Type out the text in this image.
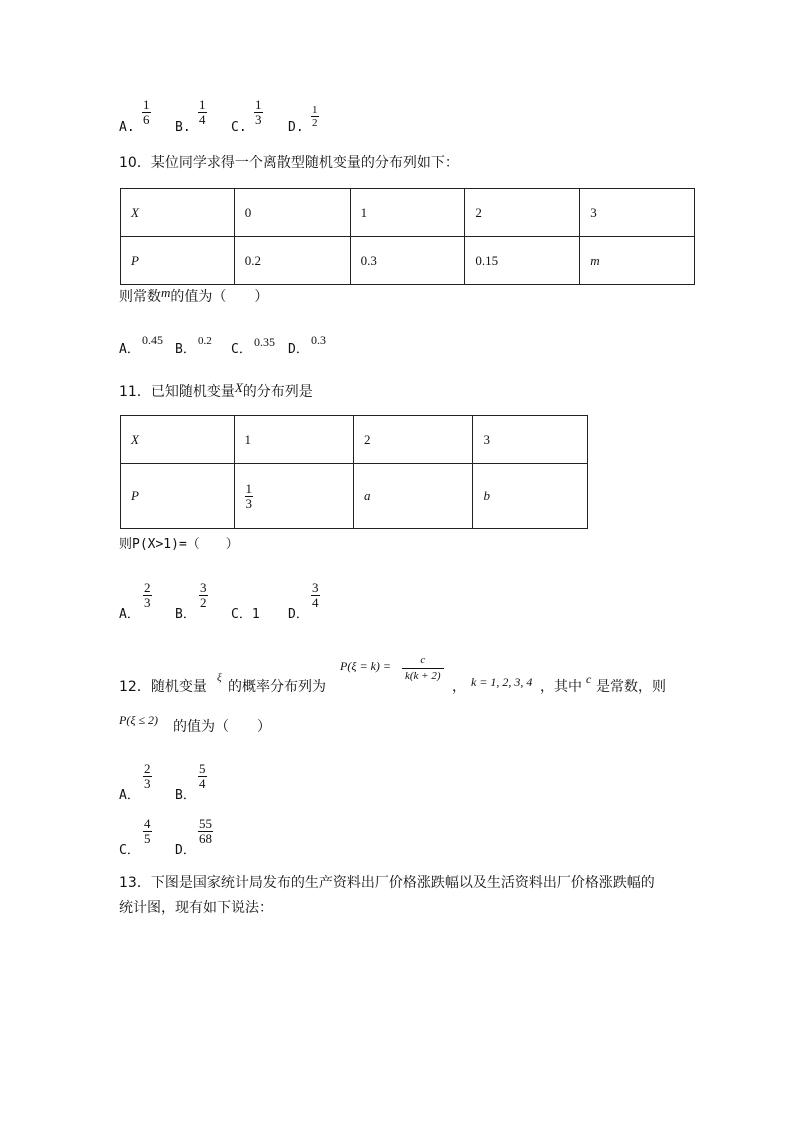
A.
$\frac{1}{6}$
B.
$\frac{1}{4}$
C.
$\frac{1}{3}$
D. $\frac{1}{2}$
10．某位同学求得一个离散型随机变量的分布列如下：
X	0	1	2	3
P	0.2	0.3	0.15	m
则常数m的值为（　　）
A．
0.45
B．
0.2
C． 0.35 D．
0.3
11．已知随机变量X的分布列是
X	1	2	3
P	$\frac{1}{3}$	a	b
则P(X>1)=（　　）
A．
$\frac{2}{3}$
B．
$\frac{3}{2}$
C．1 D．
$\frac{3}{4}$
12．随机变量
ξ
的概率分布列为
$P(\xi = k) = \frac{c}{k(k + 2)}$
， k = 1, 2, 3, 4 ，其中 c 是常数，则
P(ξ ≤ 2) 的值为（　　）
A．
$\frac{2}{3}$
B．
$\frac{5}{4}$
C．
$\frac{4}{5}$
D．
$\frac{55}{68}$
13．下图是国家统计局发布的生产资料出厂价格涨跌幅以及生活资料出厂价格涨跌幅的
统计图，现有如下说法：
